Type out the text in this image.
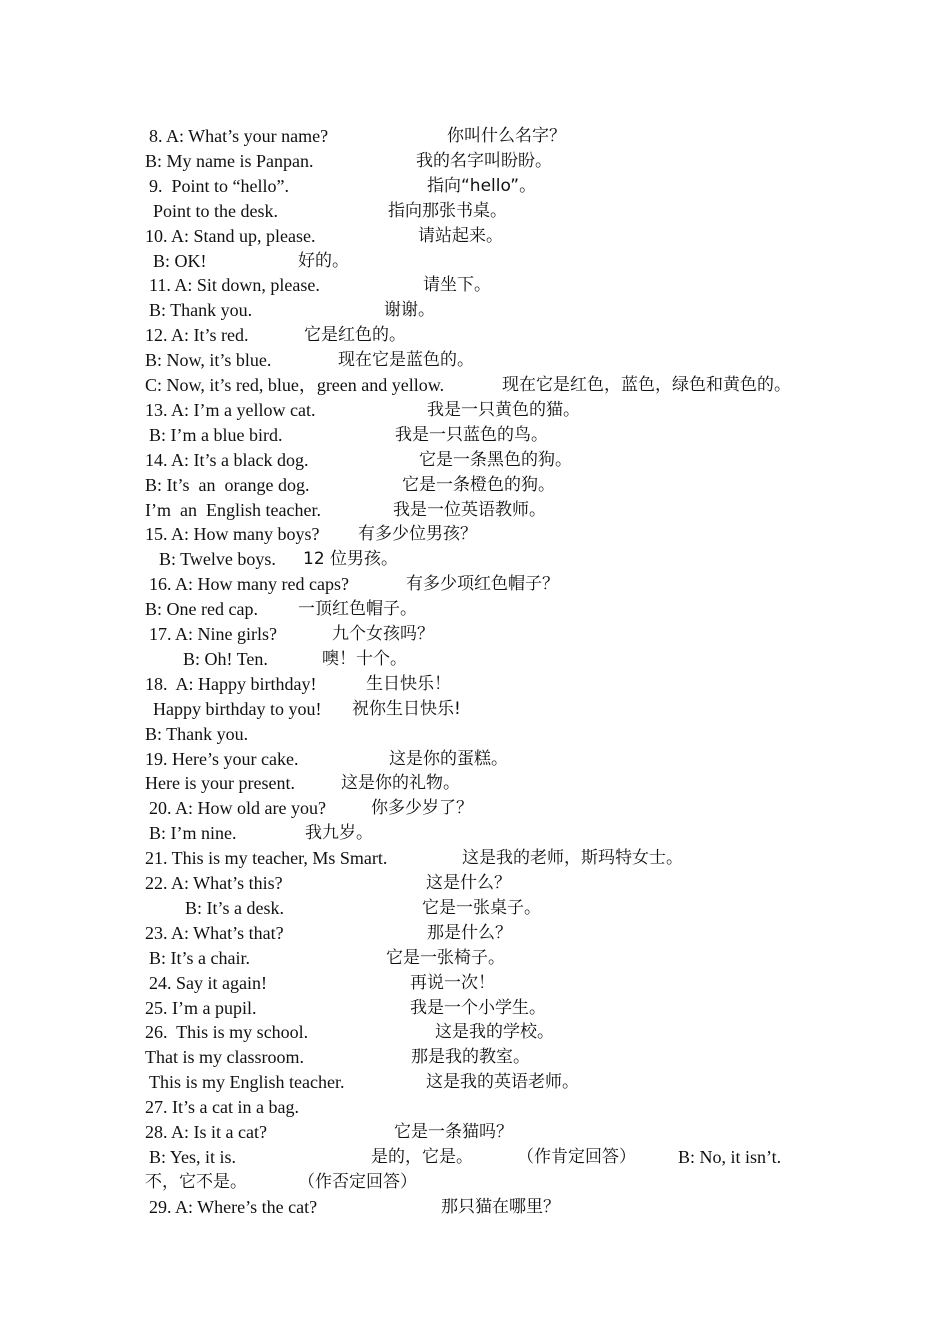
8. A: What’s your name?	你叫什么名字？
B: My name is Panpan.	我的名字叫盼盼。
9.  Point to “hello”.	指向“hello”。
Point to the desk.	指向那张书桌。
10. A: Stand up, please.	请站起来。
B: OK!	好的。
11. A: Sit down, please.	请坐下。
B: Thank you.	谢谢。
12. A: It’s red.	它是红色的。
B: Now, it’s blue.	现在它是蓝色的。
C: Now, it’s red, blue，green and yellow.	现在它是红色，蓝色，绿色和黄色的。
13. A: I’m a yellow cat.	我是一只黄色的猫。
B: I’m a blue bird.	我是一只蓝色的鸟。
14. A: It’s a black dog.	它是一条黑色的狗。
B: It’s  an  orange dog.	它是一条橙色的狗。
I’m  an  English teacher.	我是一位英语教师。
15. A: How many boys? 有多少位男孩？
B: Twelve boys. 12 位男孩。
16. A: How many red caps?	有多少项红色帽子？
B: One red cap. 一顶红色帽子。
17. A: Nine girls?	九个女孩吗？
B: Oh! Ten.	噢！十个。
18.  A: Happy birthday!	生日快乐！
Happy birthday to you! 祝你生日快乐!
B: Thank you.
19. Here’s your cake.	这是你的蛋糕。
Here is your present.	这是你的礼物。
20. A: How old are you?	你多少岁了？
B: I’m nine.	我九岁。
21. This is my teacher, Ms Smart.	这是我的老师，斯玛特女士。
22. A: What’s this?	这是什么？
B: It’s a desk.	它是一张桌子。
23. A: What’s that?	那是什么？
B: It’s a chair.	它是一张椅子。
24. Say it again!	再说一次！
25. I’m a pupil.	我是一个小学生。
26.  This is my school.	这是我的学校。
That is my classroom.	那是我的教室。
This is my English teacher.	这是我的英语老师。
27. It’s a cat in a bag.
28. A: Is it a cat?	它是一条猫吗？
B: Yes, it is.	是的，它是。	（作肯定回答） B: No, it isn’t.
不，它不是。	（作否定回答）
29. A: Where’s the cat?	那只猫在哪里？
